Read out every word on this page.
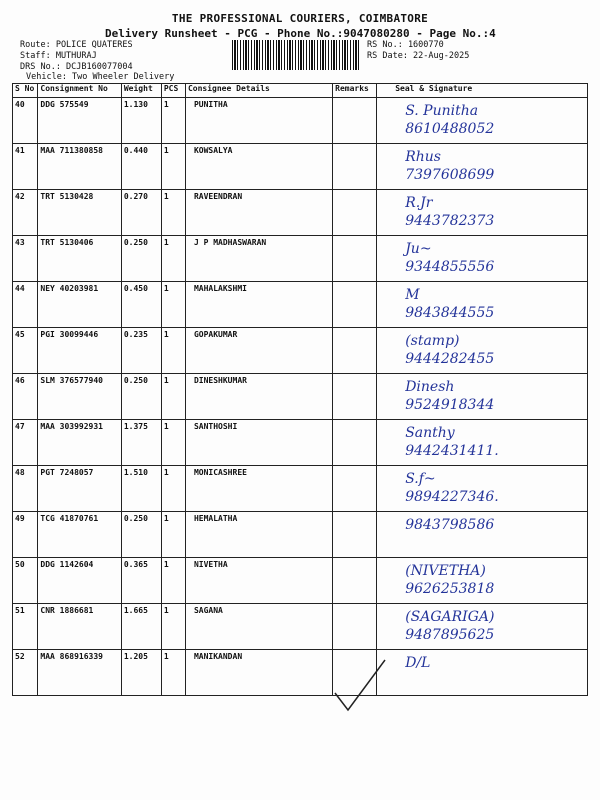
THE PROFESSIONAL COURIERS, COIMBATORE
Delivery Runsheet - PCG - Phone No.:9047080280 - Page No.:4
Route: POLICE QUATERES
Staff: MUTHURAJ
DRS No.: DCJB160077004
Vehicle: Two Wheeler Delivery
RS No.: 1600770
RS Date: 22-Aug-2025
S No	Consignment No	Weight	PCS	Consignee Details	Remarks	Seal & Signature
40	DDG 575549	1.130	1	PUNITHA		S. Punitha
8610488052

41	MAA 711380858	0.440	1	KOWSALYA		Rhus
7397608699

42	TRT 5130428	0.270	1	RAVEENDRAN		R.Jr
9443782373

43	TRT 5130406	0.250	1	J P MADHASWARAN		Ju~
9344855556

44	NEY 40203981	0.450	1	MAHALAKSHMI		M
9843844555

45	PGI 30099446	0.235	1	GOPAKUMAR		(stamp)
9444282455

46	SLM 376577940	0.250	1	DINESHKUMAR		Dinesh
9524918344

47	MAA 303992931	1.375	1	SANTHOSHI		Santhy
9442431411.

48	PGT 7248057	1.510	1	MONICASHREE		S.f~
9894227346.

49	TCG 41870761	0.250	1	HEMALATHA		9843798586

50	DDG 1142604	0.365	1	NIVETHA		(NIVETHA)
9626253818

51	CNR 1886681	1.665	1	SAGANA		(SAGARIGA)
9487895625

52	MAA 868916339	1.205	1	MANIKANDAN		D/L
